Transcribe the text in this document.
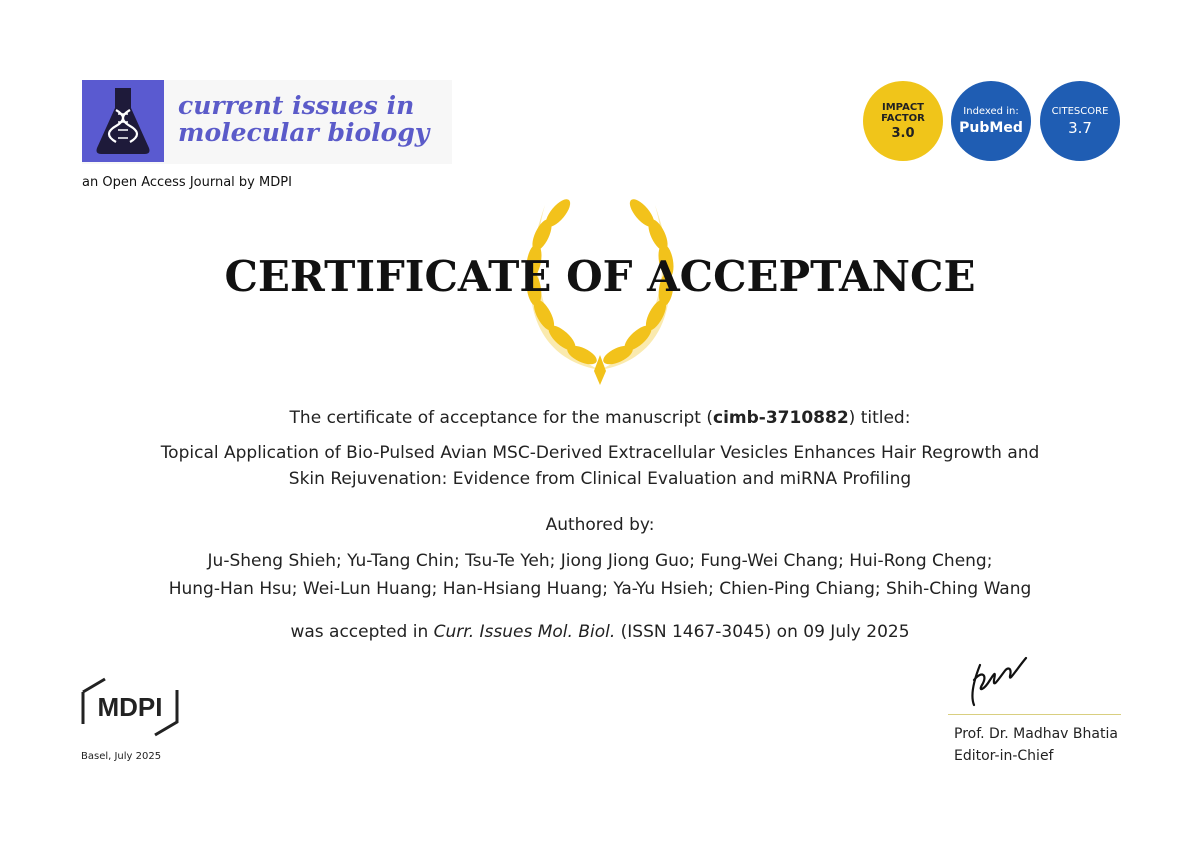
current issues in
molecular biology
an Open Access Journal by MDPI
IMPACT
FACTOR
3.0
Indexed in:
PubMed
CITESCORE
3.7
CERTIFICATE OF ACCEPTANCE
The certificate of acceptance for the manuscript (cimb-3710882) titled:
Topical Application of Bio-Pulsed Avian MSC-Derived Extracellular Vesicles Enhances Hair Regrowth and Skin Rejuvenation: Evidence from Clinical Evaluation and miRNA Profiling
Authored by:
Ju-Sheng Shieh; Yu-Tang Chin; Tsu-Te Yeh; Jiong Jiong Guo; Fung-Wei Chang; Hui-Rong Cheng;
Hung-Han Hsu; Wei-Lun Huang; Han-Hsiang Huang; Ya-Yu Hsieh; Chien-Ping Chiang; Shih-Ching Wang
was accepted in Curr. Issues Mol. Biol. (ISSN 1467-3045) on 09 July 2025
MDPI
Basel, July 2025
Prof. Dr. Madhav Bhatia
Editor-in-Chief
